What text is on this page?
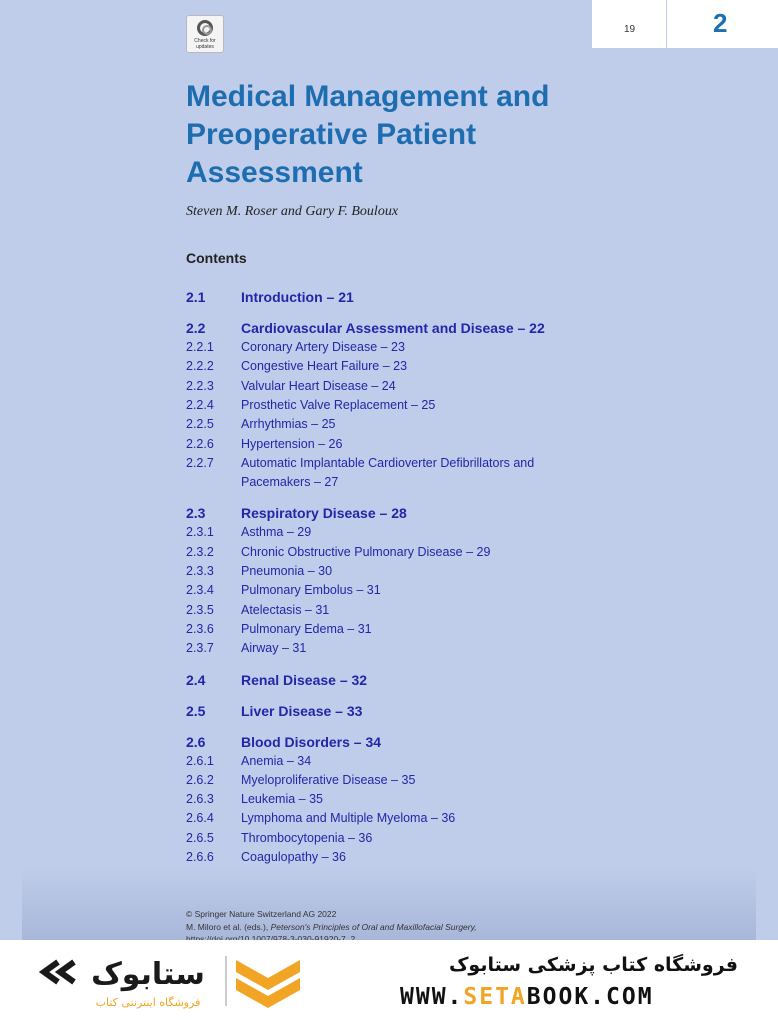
19	2
Check for updates
Medical Management and Preoperative Patient Assessment

Steven M. Roser and Gary F. Bouloux

Contents
2.1	Introduction – 21
2.2	Cardiovascular Assessment and Disease – 22
2.2.1 Coronary Artery Disease – 23
2.2.2 Congestive Heart Failure – 23
2.2.3 Valvular Heart Disease – 24
2.2.4 Prosthetic Valve Replacement – 25
2.2.5 Arrhythmias – 25
2.2.6 Hypertension – 26
2.2.7 Automatic Implantable Cardioverter Defibrillators and Pacemakers – 27
2.3	Respiratory Disease – 28
2.3.1 Asthma – 29
2.3.2 Chronic Obstructive Pulmonary Disease – 29
2.3.3 Pneumonia – 30
2.3.4 Pulmonary Embolus – 31
2.3.5 Atelectasis – 31
2.3.6 Pulmonary Edema – 31
2.3.7 Airway – 31
2.4	Renal Disease – 32
2.5	Liver Disease – 33
2.6	Blood Disorders – 34
2.6.1 Anemia – 34
2.6.2 Myeloproliferative Disease – 35
2.6.3 Leukemia – 35
2.6.4 Lymphoma and Multiple Myeloma – 36
2.6.5 Thrombocytopenia – 36
2.6.6 Coagulopathy – 36
© Springer Nature Switzerland AG 2022
M. Miloro et al. (eds.), Peterson's Principles of Oral and Maxillofacial Surgery,
ستابوک
فروشگاه اینترنتی کتاب
فروشگاه کتاب پزشکی ستابوک
WWW.SETABOOK.COM
